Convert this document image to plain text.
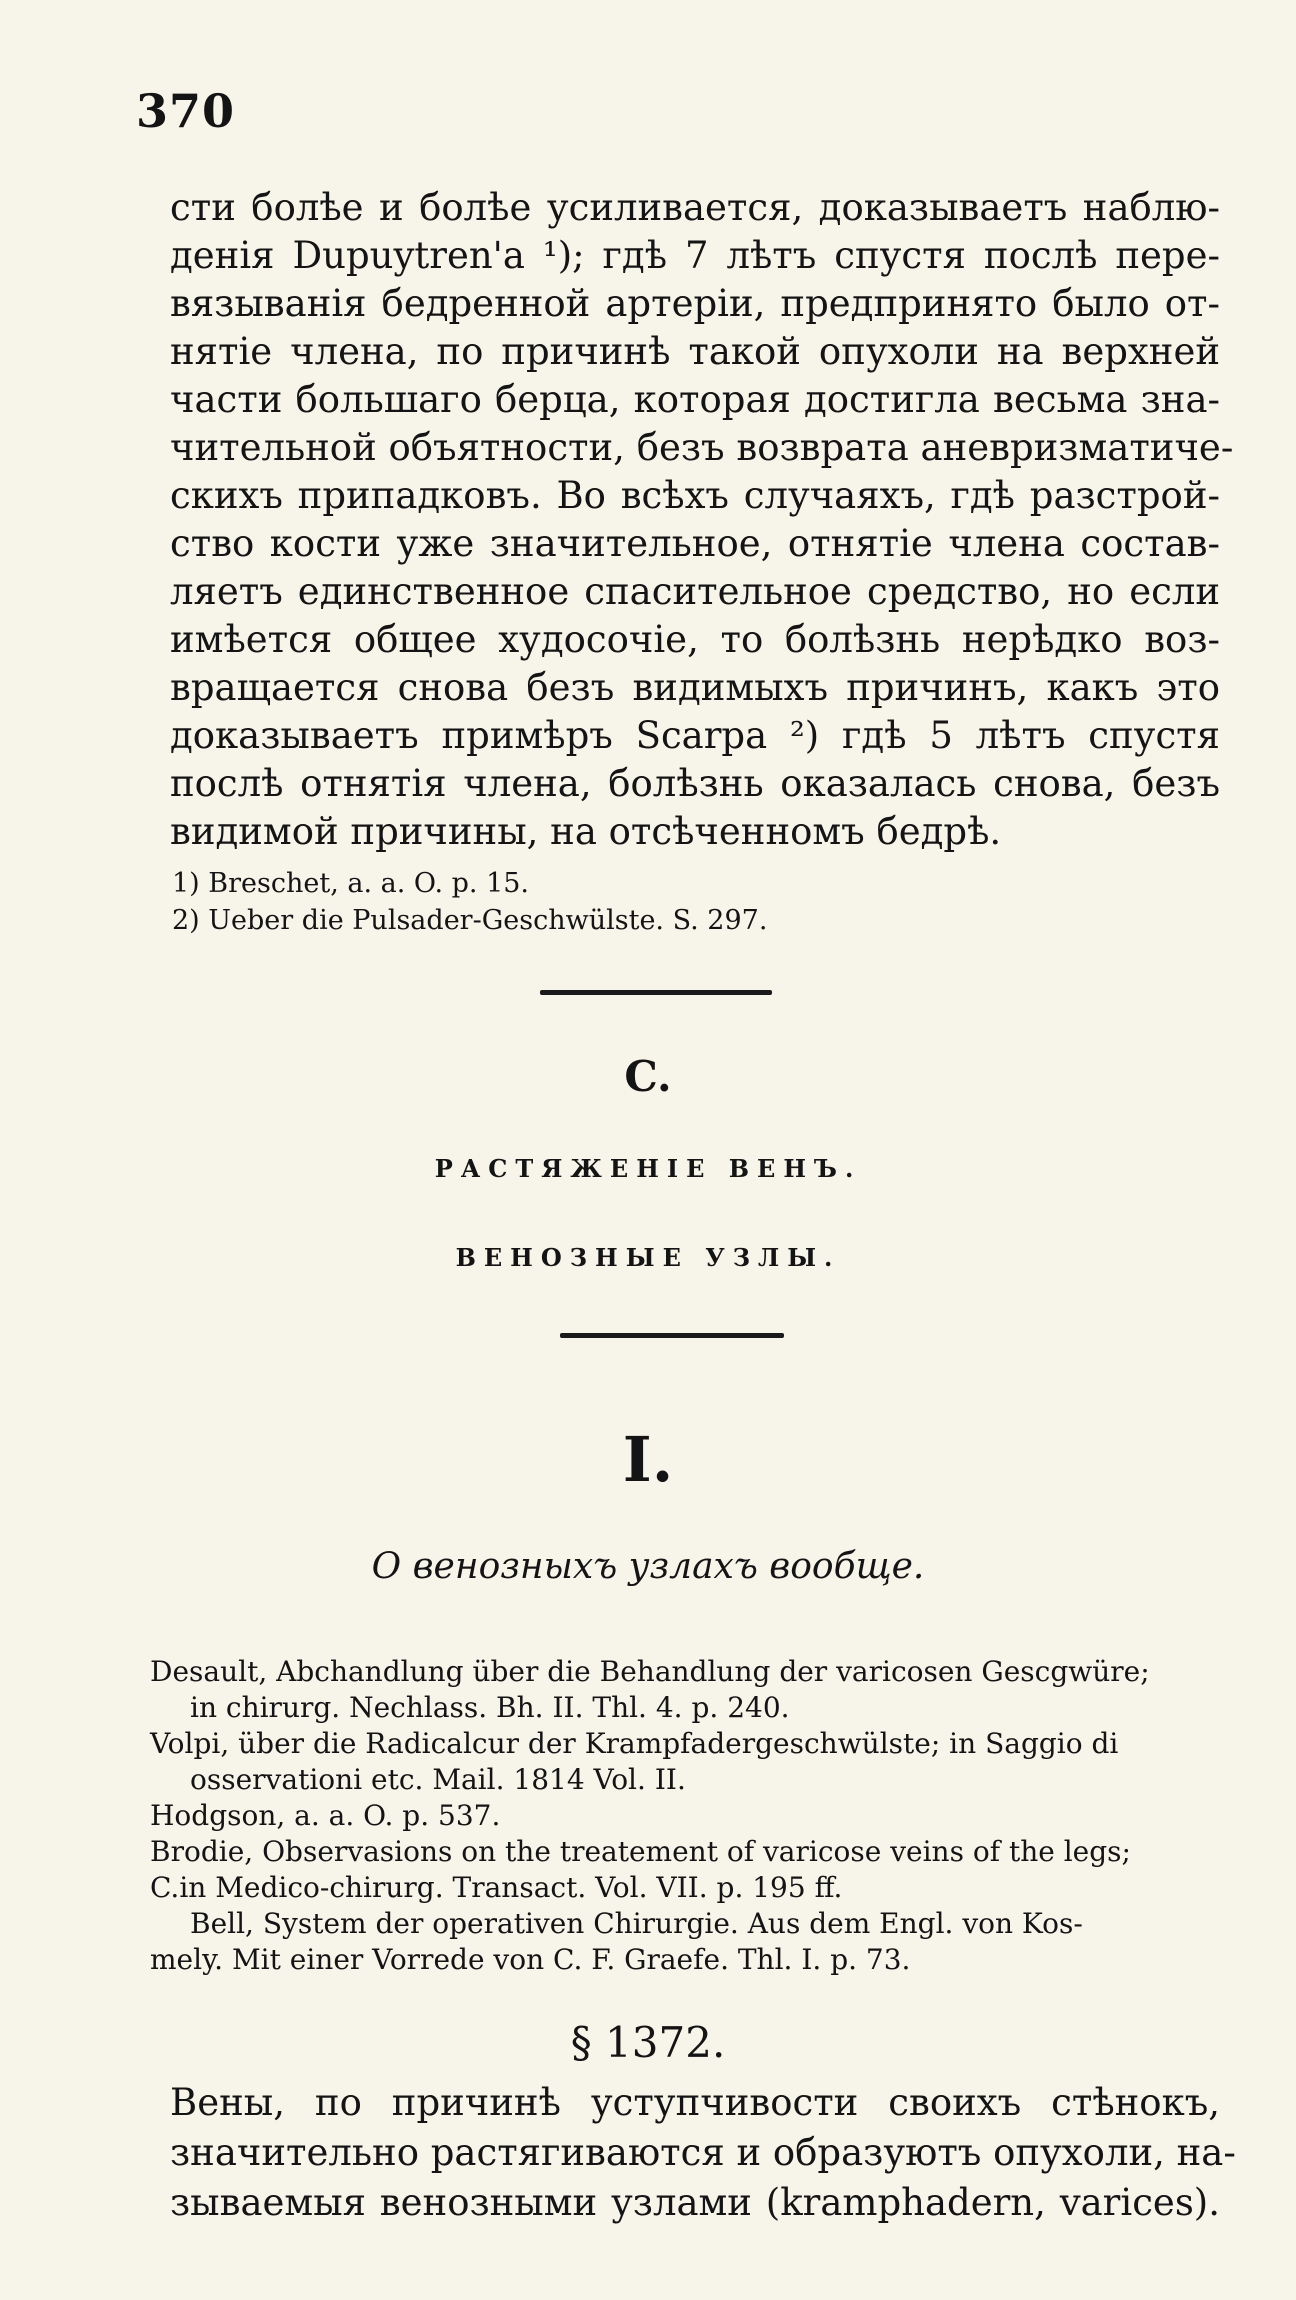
370
сти болѣе и болѣе усиливается, доказываетъ наблю-
денія Dupuytren'а ¹); гдѣ 7 лѣтъ спустя послѣ пере-
вязыванія бедренной артеріи, предпринято было от-
нятіе члена, по причинѣ такой опухоли на верхней
части большаго берца, которая достигла весьма зна-
чительной объятности, безъ возврата аневризматиче-
скихъ припадковъ. Во всѣхъ случаяхъ, гдѣ разстрой-
ство кости уже значительное, отнятіе члена состав-
ляетъ единственное спасительное средство, но если
имѣется общее худосочіе, то болѣзнь нерѣдко воз-
вращается снова безъ видимыхъ причинъ, какъ это
доказываетъ примѣръ Scarpa ²) гдѣ 5 лѣтъ спустя
послѣ отнятія члена, болѣзнь оказалась снова, безъ
видимой причины, на отсѣченномъ бедрѣ.
1) Breschet, a. a. O. p. 15.
2) Ueber die Pulsader-Geschwülste. S. 297.
C.
РАСТЯЖЕНІЕ ВЕНЪ.
ВЕНОЗНЫЕ УЗЛЫ.
I.
О венозныхъ узлахъ вообще.
Desault, Abchandlung über die Behandlung der varicosen Gescgwüre;
in chirurg. Nechlass. Bh. II. Thl. 4. p. 240.
Volpi, über die Radicalcur der Krampfadergeschwülste; in Saggio di
osservationi etc. Mail. 1814 Vol. II.
Hodgson, a. a. O. p. 537.
Brodie, Observasions on the treatement of varicose veins of the legs;
C.in Medico-chirurg. Transact. Vol. VII. p. 195 ff.
Bell, System der operativen Chirurgie. Aus dem Engl. von Kos-
mely. Mit einer Vorrede von C. F. Graefe. Thl. I. p. 73.
§ 1372.
Вены, по причинѣ уступчивости своихъ стѣнокъ,
значительно растягиваются и образуютъ опухоли, на-
зываемыя венозными узлами (kramphadern, varices).
